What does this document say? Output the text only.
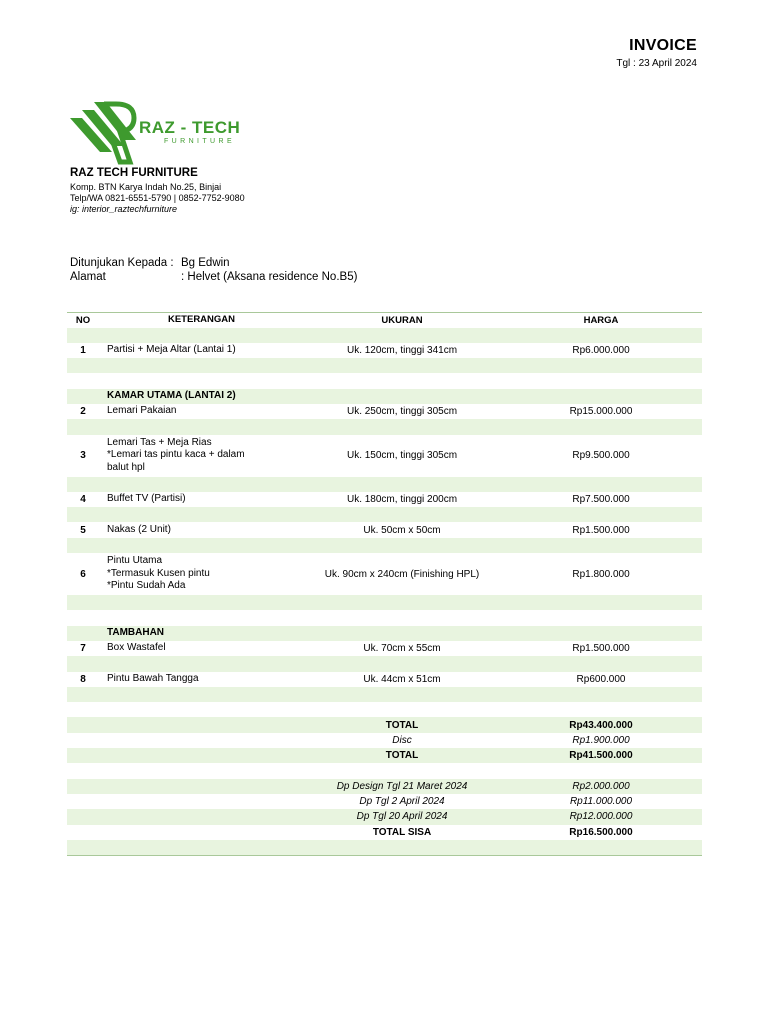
INVOICE
Tgl : 23 April 2024
RAZ - TECH
FURNITURE
RAZ TECH FURNITURE
Komp. BTN Karya Indah No.25, Binjai
Telp/WA 0821-6551-5790 | 0852-7752-9080
ig: interior_raztechfurniture
Ditunjukan Kepada : Bg Edwin
Alamat	: Helvet (Aksana residence No.B5)
NO	KETERANGAN	UKURAN	HARGA

1	Partisi + Meja Altar (Lantai 1)	Uk. 120cm, tinggi 341cm	Rp6.000.000

	KAMAR UTAMA (LANTAI 2)		
2	Lemari Pakaian	Uk. 250cm, tinggi 305cm	Rp15.000.000

3	Lemari Tas + Meja Rias
*Lemari tas pintu kaca + dalam
balut hpl	Uk. 150cm, tinggi 305cm	Rp9.500.000

4	Buffet TV (Partisi)	Uk. 180cm, tinggi 200cm	Rp7.500.000

5	Nakas (2 Unit)	Uk. 50cm x 50cm	Rp1.500.000

6	Pintu Utama
*Termasuk Kusen pintu
*Pintu Sudah Ada	Uk. 90cm x 240cm (Finishing HPL)	Rp1.800.000

	TAMBAHAN		
7	Box Wastafel	Uk. 70cm x 55cm	Rp1.500.000

8	Pintu Bawah Tangga	Uk. 44cm x 51cm	Rp600.000

		TOTAL	Rp43.400.000
		Disc	Rp1.900.000
		TOTAL	Rp41.500.000

		Dp Design Tgl 21 Maret 2024	Rp2.000.000
		Dp Tgl 2 April 2024	Rp11.000.000
		Dp Tgl 20 April 2024	Rp12.000.000
		TOTAL SISA	Rp16.500.000
